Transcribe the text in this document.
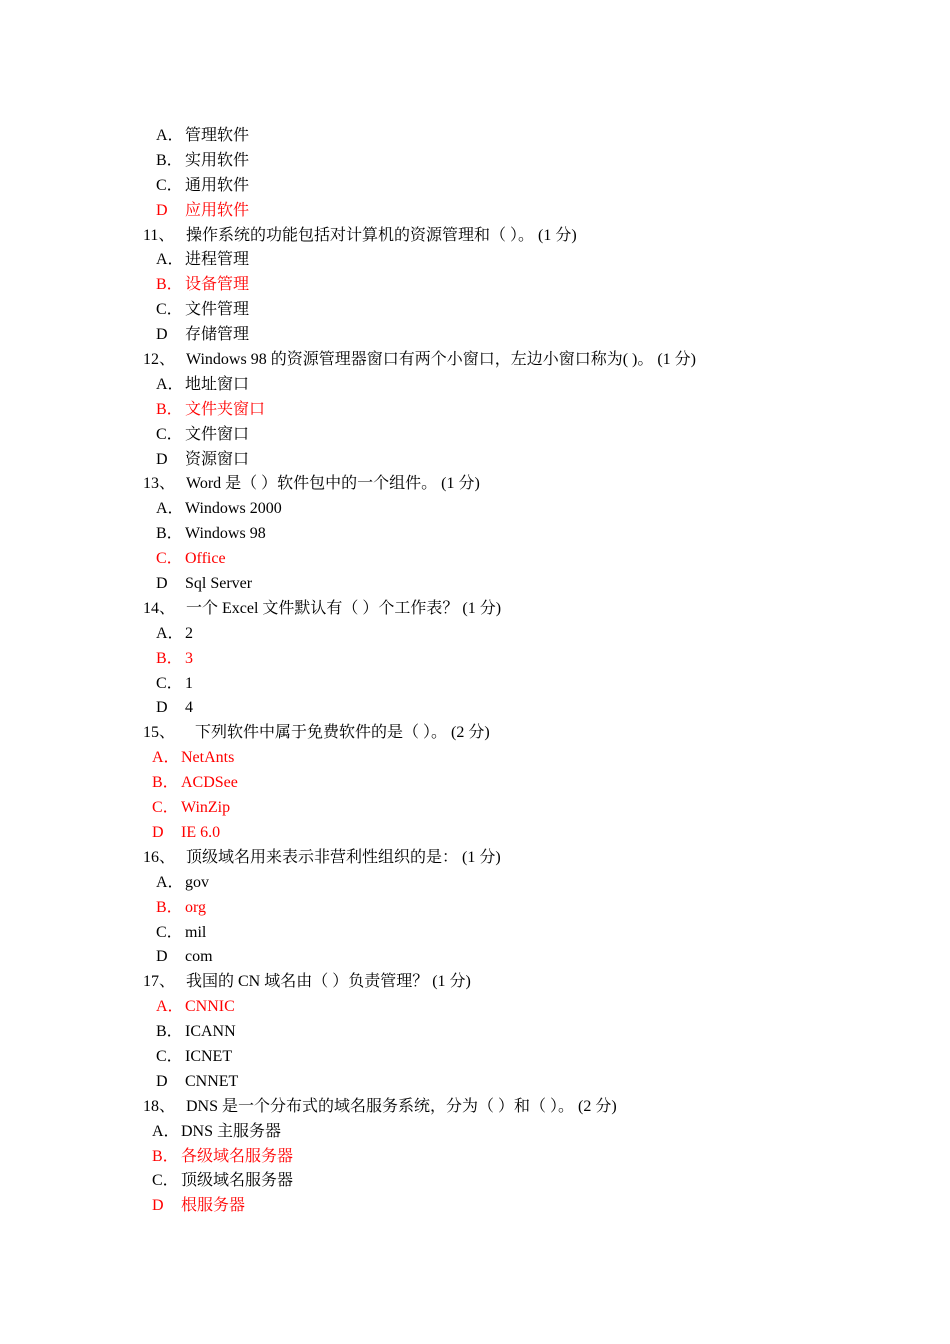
A． 管理软件
B． 实用软件
C． 通用软件
D 应用软件
11、 操作系统的功能包括对计算机的资源管理和（ ）。 (1 分)
A． 进程管理
B． 设备管理
C． 文件管理
D 存储管理
12、 Windows 98 的资源管理器窗口有两个小窗口，左边小窗口称为( )。 (1 分)
A． 地址窗口
B． 文件夹窗口
C． 文件窗口
D 资源窗口
13、 Word 是（ ）软件包中的一个组件。 (1 分)
A． Windows 2000
B． Windows 98
C． Office
D Sql Server
14、 一个 Excel 文件默认有（ ）个工作表？ (1 分)
A． 2
B． 3
C． 1
D 4
15、 下列软件中属于免费软件的是（ ）。 (2 分)
A． NetAnts
B． ACDSee
C． WinZip
D IE 6.0
16、 顶级域名用来表示非营利性组织的是： (1 分)
A． gov
B． org
C． mil
D com
17、 我国的 CN 域名由（ ）负责管理？ (1 分)
A． CNNIC
B． ICANN
C． ICNET
D CNNET
18、 DNS 是一个分布式的域名服务系统，分为（ ）和（ ）。 (2 分)
A． DNS 主服务器
B． 各级域名服务器
C． 顶级域名服务器
D 根服务器
